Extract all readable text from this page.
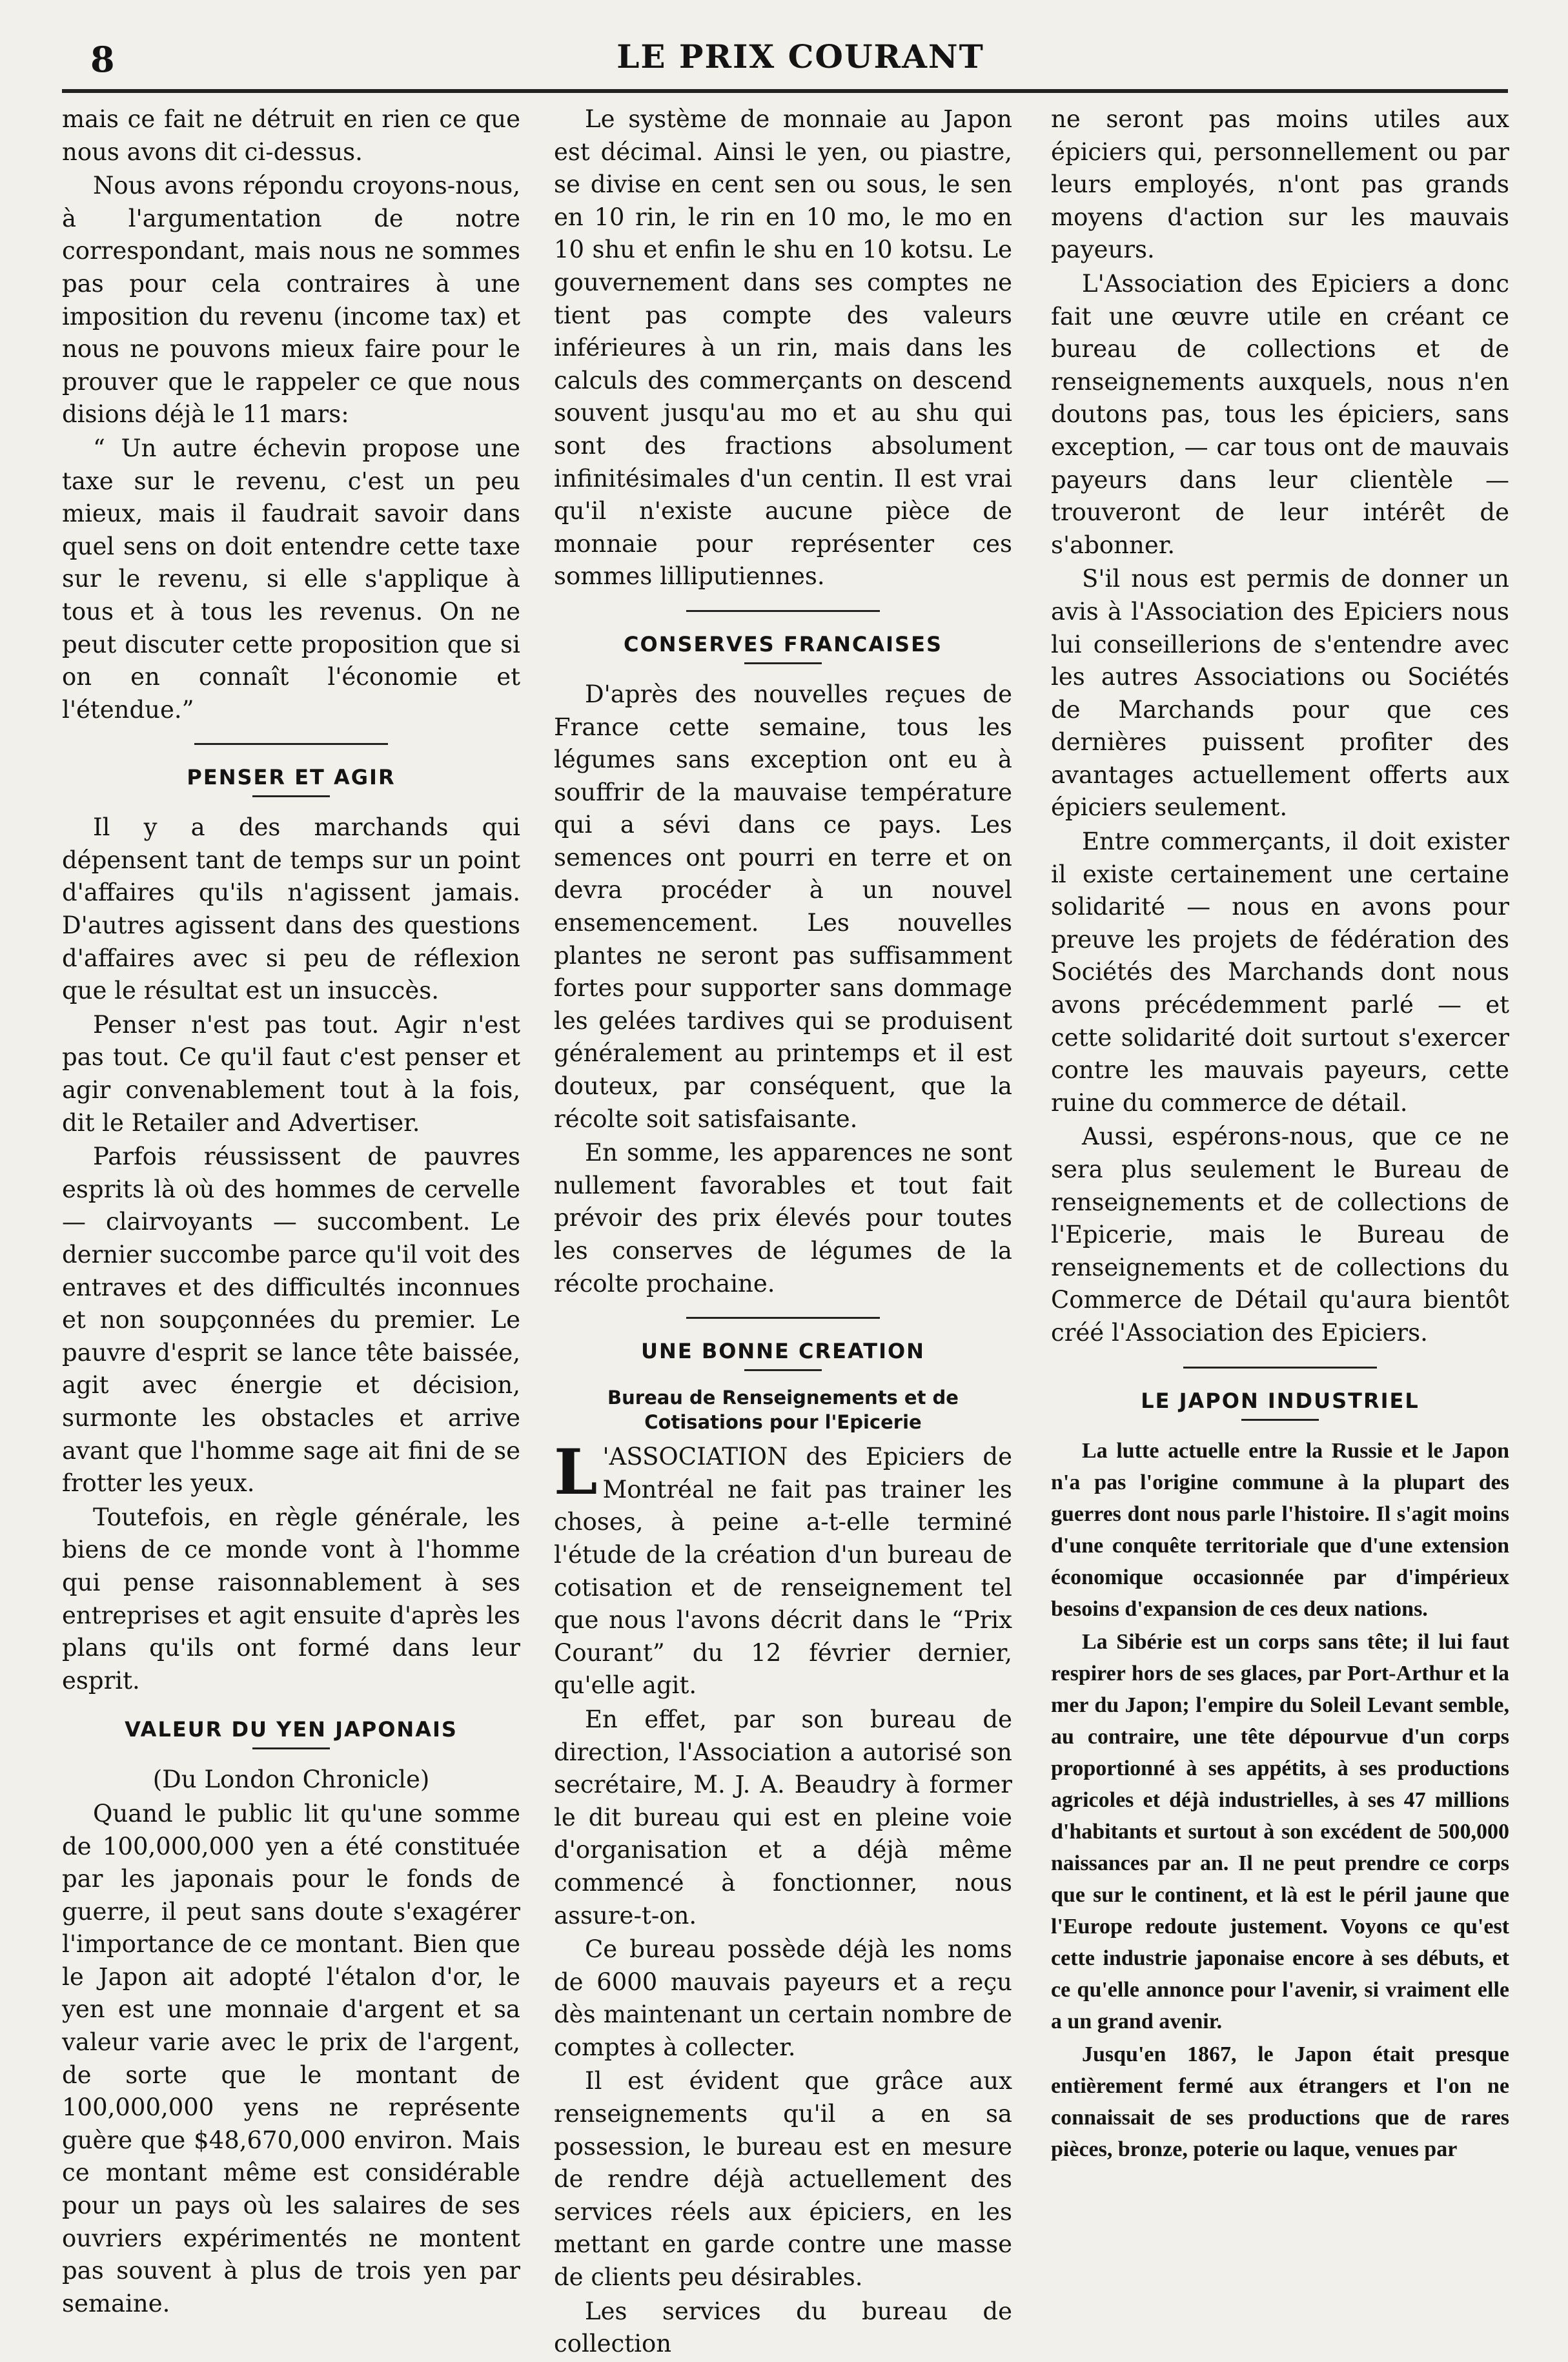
8	LE PRIX COURANT

mais ce fait ne détruit en rien ce que nous avons dit ci-dessus.

Nous avons répondu croyons-nous, à l'argumentation de notre correspondant, mais nous ne sommes pas pour cela contraires à une imposition du revenu (income tax) et nous ne pouvons mieux faire pour le prouver que le rappeler ce que nous disions déjà le 11 mars:

“ Un autre échevin propose une taxe sur le revenu, c'est un peu mieux, mais il faudrait savoir dans quel sens on doit entendre cette taxe sur le revenu, si elle s'applique à tous et à tous les revenus. On ne peut discuter cette proposition que si on en connaît l'économie et l'étendue.”

PENSER ET AGIR

Il y a des marchands qui dépensent tant de temps sur un point d'affaires qu'ils n'agissent jamais. D'autres agissent dans des questions d'affaires avec si peu de réflexion que le résultat est un insuccès.

Penser n'est pas tout. Agir n'est pas tout. Ce qu'il faut c'est penser et agir convenablement tout à la fois, dit le Retailer and Advertiser.

Parfois réussissent de pauvres esprits là où des hommes de cervelle — clairvoyants — succombent. Le dernier succombe parce qu'il voit des entraves et des difficultés inconnues et non soupçonnées du premier. Le pauvre d'esprit se lance tête baissée, agit avec énergie et décision, surmonte les obstacles et arrive avant que l'homme sage ait fini de se frotter les yeux.

Toutefois, en règle générale, les biens de ce monde vont à l'homme qui pense raisonnablement à ses entreprises et agit ensuite d'après les plans qu'ils ont formé dans leur esprit.

VALEUR DU YEN JAPONAIS

(Du London Chronicle)

Quand le public lit qu'une somme de 100,000,000 yen a été constituée par les japonais pour le fonds de guerre, il peut sans doute s'exagérer l'importance de ce montant. Bien que le Japon ait adopté l'étalon d'or, le yen est une monnaie d'argent et sa valeur varie avec le prix de l'argent, de sorte que le montant de 100,000,000 yens ne représente guère que $48,670,000 environ. Mais ce montant même est considérable pour un pays où les salaires de ses ouvriers expérimentés ne montent pas souvent à plus de trois yen par semaine.

Le système de monnaie au Japon est décimal. Ainsi le yen, ou piastre, se divise en cent sen ou sous, le sen en 10 rin, le rin en 10 mo, le mo en 10 shu et enfin le shu en 10 kotsu. Le gouvernement dans ses comptes ne tient pas compte des valeurs inférieures à un rin, mais dans les calculs des commerçants on descend souvent jusqu'au mo et au shu qui sont des fractions absolument infinitésimales d'un centin. Il est vrai qu'il n'existe aucune pièce de monnaie pour représenter ces sommes lilliputiennes.

CONSERVES FRANCAISES

D'après des nouvelles reçues de France cette semaine, tous les légumes sans exception ont eu à souffrir de la mauvaise température qui a sévi dans ce pays. Les semences ont pourri en terre et on devra procéder à un nouvel ensemencement. Les nouvelles plantes ne seront pas suffisamment fortes pour supporter sans dommage les gelées tardives qui se produisent généralement au printemps et il est douteux, par conséquent, que la récolte soit satisfaisante.

En somme, les apparences ne sont nullement favorables et tout fait prévoir des prix élevés pour toutes les conserves de légumes de la récolte prochaine.

UNE BONNE CREATION
Bureau de Renseignements et de Cotisations pour l'Epicerie

L 'ASSOCIATION des Epiciers de Montréal ne fait pas trainer les choses, à peine a-t-elle terminé l'étude de la création d'un bureau de cotisation et de renseignement tel que nous l'avons décrit dans le “Prix Courant” du 12 février dernier, qu'elle agit.

En effet, par son bureau de direction, l'Association a autorisé son secrétaire, M. J. A. Beaudry à former le dit bureau qui est en pleine voie d'organisation et a déjà même commencé à fonctionner, nous assure-t-on.

Ce bureau possède déjà les noms de 6000 mauvais payeurs et a reçu dès maintenant un certain nombre de comptes à collecter.

Il est évident que grâce aux renseignements qu'il a en sa possession, le bureau est en mesure de rendre déjà actuellement des services réels aux épiciers, en les mettant en garde contre une masse de clients peu désirables.

Les services du bureau de collection

ne seront pas moins utiles aux épiciers qui, personnellement ou par leurs employés, n'ont pas grands moyens d'action sur les mauvais payeurs.

L'Association des Epiciers a donc fait une œuvre utile en créant ce bureau de collections et de renseignements auxquels, nous n'en doutons pas, tous les épiciers, sans exception, — car tous ont de mauvais payeurs dans leur clientèle — trouveront de leur intérêt de s'abonner.

S'il nous est permis de donner un avis à l'Association des Epiciers nous lui conseillerions de s'entendre avec les autres Associations ou Sociétés de Marchands pour que ces dernières puissent profiter des avantages actuellement offerts aux épiciers seulement.

Entre commerçants, il doit exister il existe certainement une certaine solidarité — nous en avons pour preuve les projets de fédération des Sociétés des Marchands dont nous avons précédemment parlé — et cette solidarité doit surtout s'exercer contre les mauvais payeurs, cette ruine du commerce de détail.

Aussi, espérons-nous, que ce ne sera plus seulement le Bureau de renseignements et de collections de l'Epicerie, mais le Bureau de renseignements et de collections du Commerce de Détail qu'aura bientôt créé l'Association des Epiciers.

LE JAPON INDUSTRIEL

La lutte actuelle entre la Russie et le Japon n'a pas l'origine commune à la plupart des guerres dont nous parle l'histoire. Il s'agit moins d'une conquête territoriale que d'une extension économique occasionnée par d'impérieux besoins d'expansion de ces deux nations.

La Sibérie est un corps sans tête; il lui faut respirer hors de ses glaces, par Port-Arthur et la mer du Japon; l'empire du Soleil Levant semble, au contraire, une tête dépourvue d'un corps proportionné à ses appétits, à ses productions agricoles et déjà industrielles, à ses 47 millions d'habitants et surtout à son excédent de 500,000 naissances par an. Il ne peut prendre ce corps que sur le continent, et là est le péril jaune que l'Europe redoute justement. Voyons ce qu'est cette industrie japonaise encore à ses débuts, et ce qu'elle annonce pour l'avenir, si vraiment elle a un grand avenir.

Jusqu'en 1867, le Japon était presque entièrement fermé aux étrangers et l'on ne connaissait de ses productions que de rares pièces, bronze, poterie ou laque, venues par
